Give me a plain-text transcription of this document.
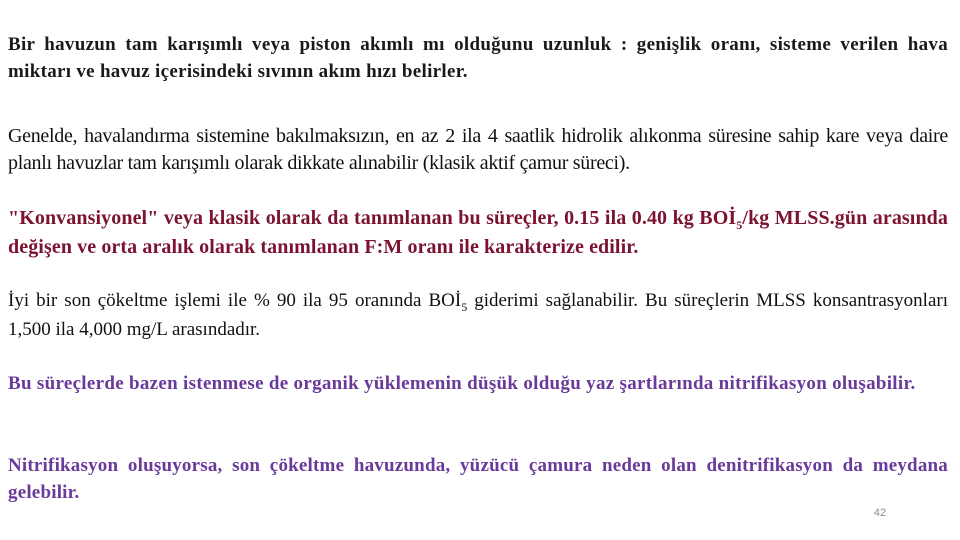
Bir havuzun tam karışımlı veya piston akımlı mı olduğunu uzunluk : genişlik oranı, sisteme verilen hava miktarı ve havuz içerisindeki sıvının akım hızı belirler.

Genelde, havalandırma sistemine bakılmaksızın, en az 2 ila 4 saatlik hidrolik alıkonma süresine sahip kare veya daire planlı havuzlar tam karışımlı olarak dikkate alınabilir (klasik aktif çamur süreci).

"Konvansiyonel" veya klasik olarak da tanımlanan bu süreçler, 0.15 ila 0.40 kg $BOİ_5/kg$ MLSS.gün arasında değişen ve orta aralık olarak tanımlanan F:M oranı ile karakterize edilir.

İyi bir son çökeltme işlemi ile % 90 ila 95 oranında $BOİ_5$ giderimi sağlanabilir. Bu süreçlerin MLSS konsantrasyonları 1,500 ila 4,000 mg/L arasındadır.

Bu süreçlerde bazen istenmese de organik yüklemenin düşük olduğu yaz şartlarında nitrifikasyon oluşabilir.

Nitrifikasyon oluşuyorsa, son çökeltme havuzunda, yüzücü çamura neden olan denitrifikasyon da meydana gelebilir.

42
